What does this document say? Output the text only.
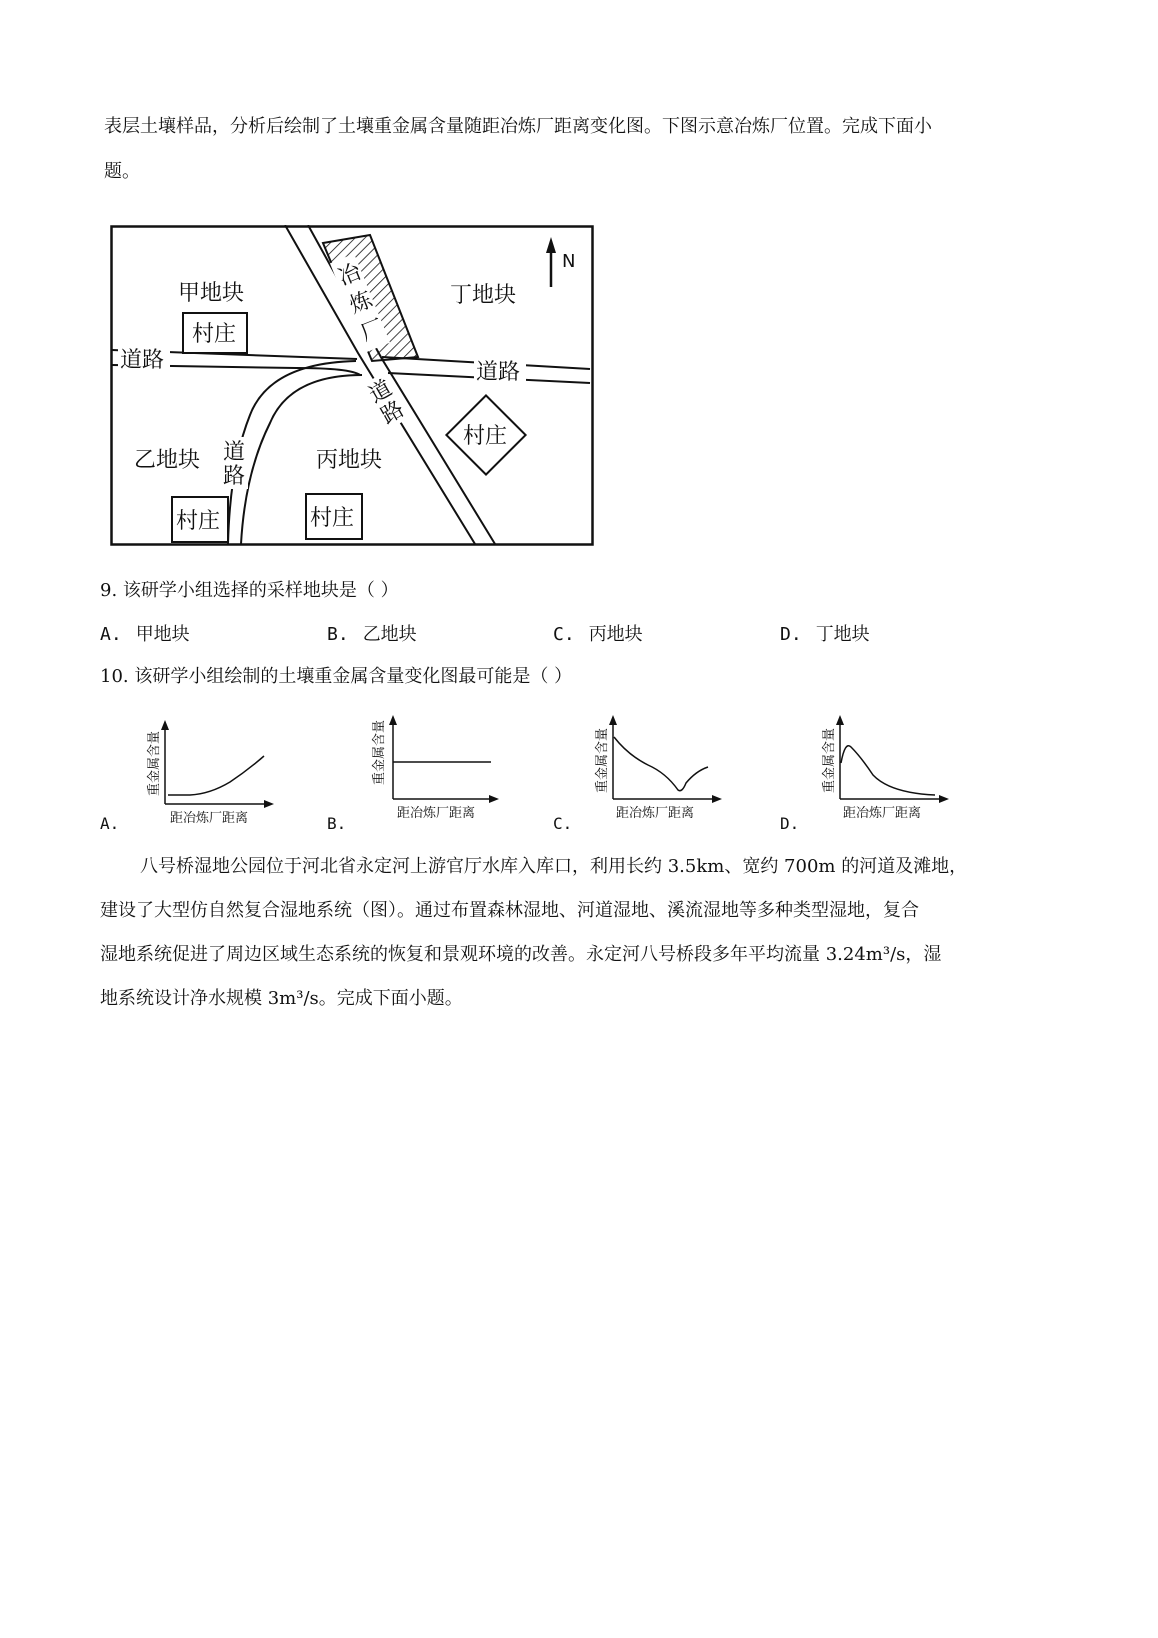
表层土壤样品，分析后绘制了土壤重金属含量随距冶炼厂距离变化图。下图示意冶炼厂位置。完成下面小
题。
冶
炼
厂
N
甲地块	丁地块
乙地块	丙地块
村庄
村庄	村庄
村庄
道路	道路
道
路
道
路
9. 该研学小组选择的采样地块是（ ）
A. 甲地块	B. 乙地块	C. 丙地块	D. 丁地块
10. 该研学小组绘制的土壤重金属含量变化图最可能是（ ）
A.
重金属含量
距冶炼厂距离	B.
重金属含量
距冶炼厂距离
C.
重金属含量
距冶炼厂距离
D.
重金属含量
距冶炼厂距离
八号桥湿地公园位于河北省永定河上游官厅水库入库口，利用长约 3.5km、宽约 700m 的河道及滩地，
建设了大型仿自然复合湿地系统（图）。通过布置森林湿地、河道湿地、溪流湿地等多种类型湿地，复合
湿地系统促进了周边区域生态系统的恢复和景观环境的改善。永定河八号桥段多年平均流量 3.24m³/s，湿
地系统设计净水规模 3m³/s。完成下面小题。
